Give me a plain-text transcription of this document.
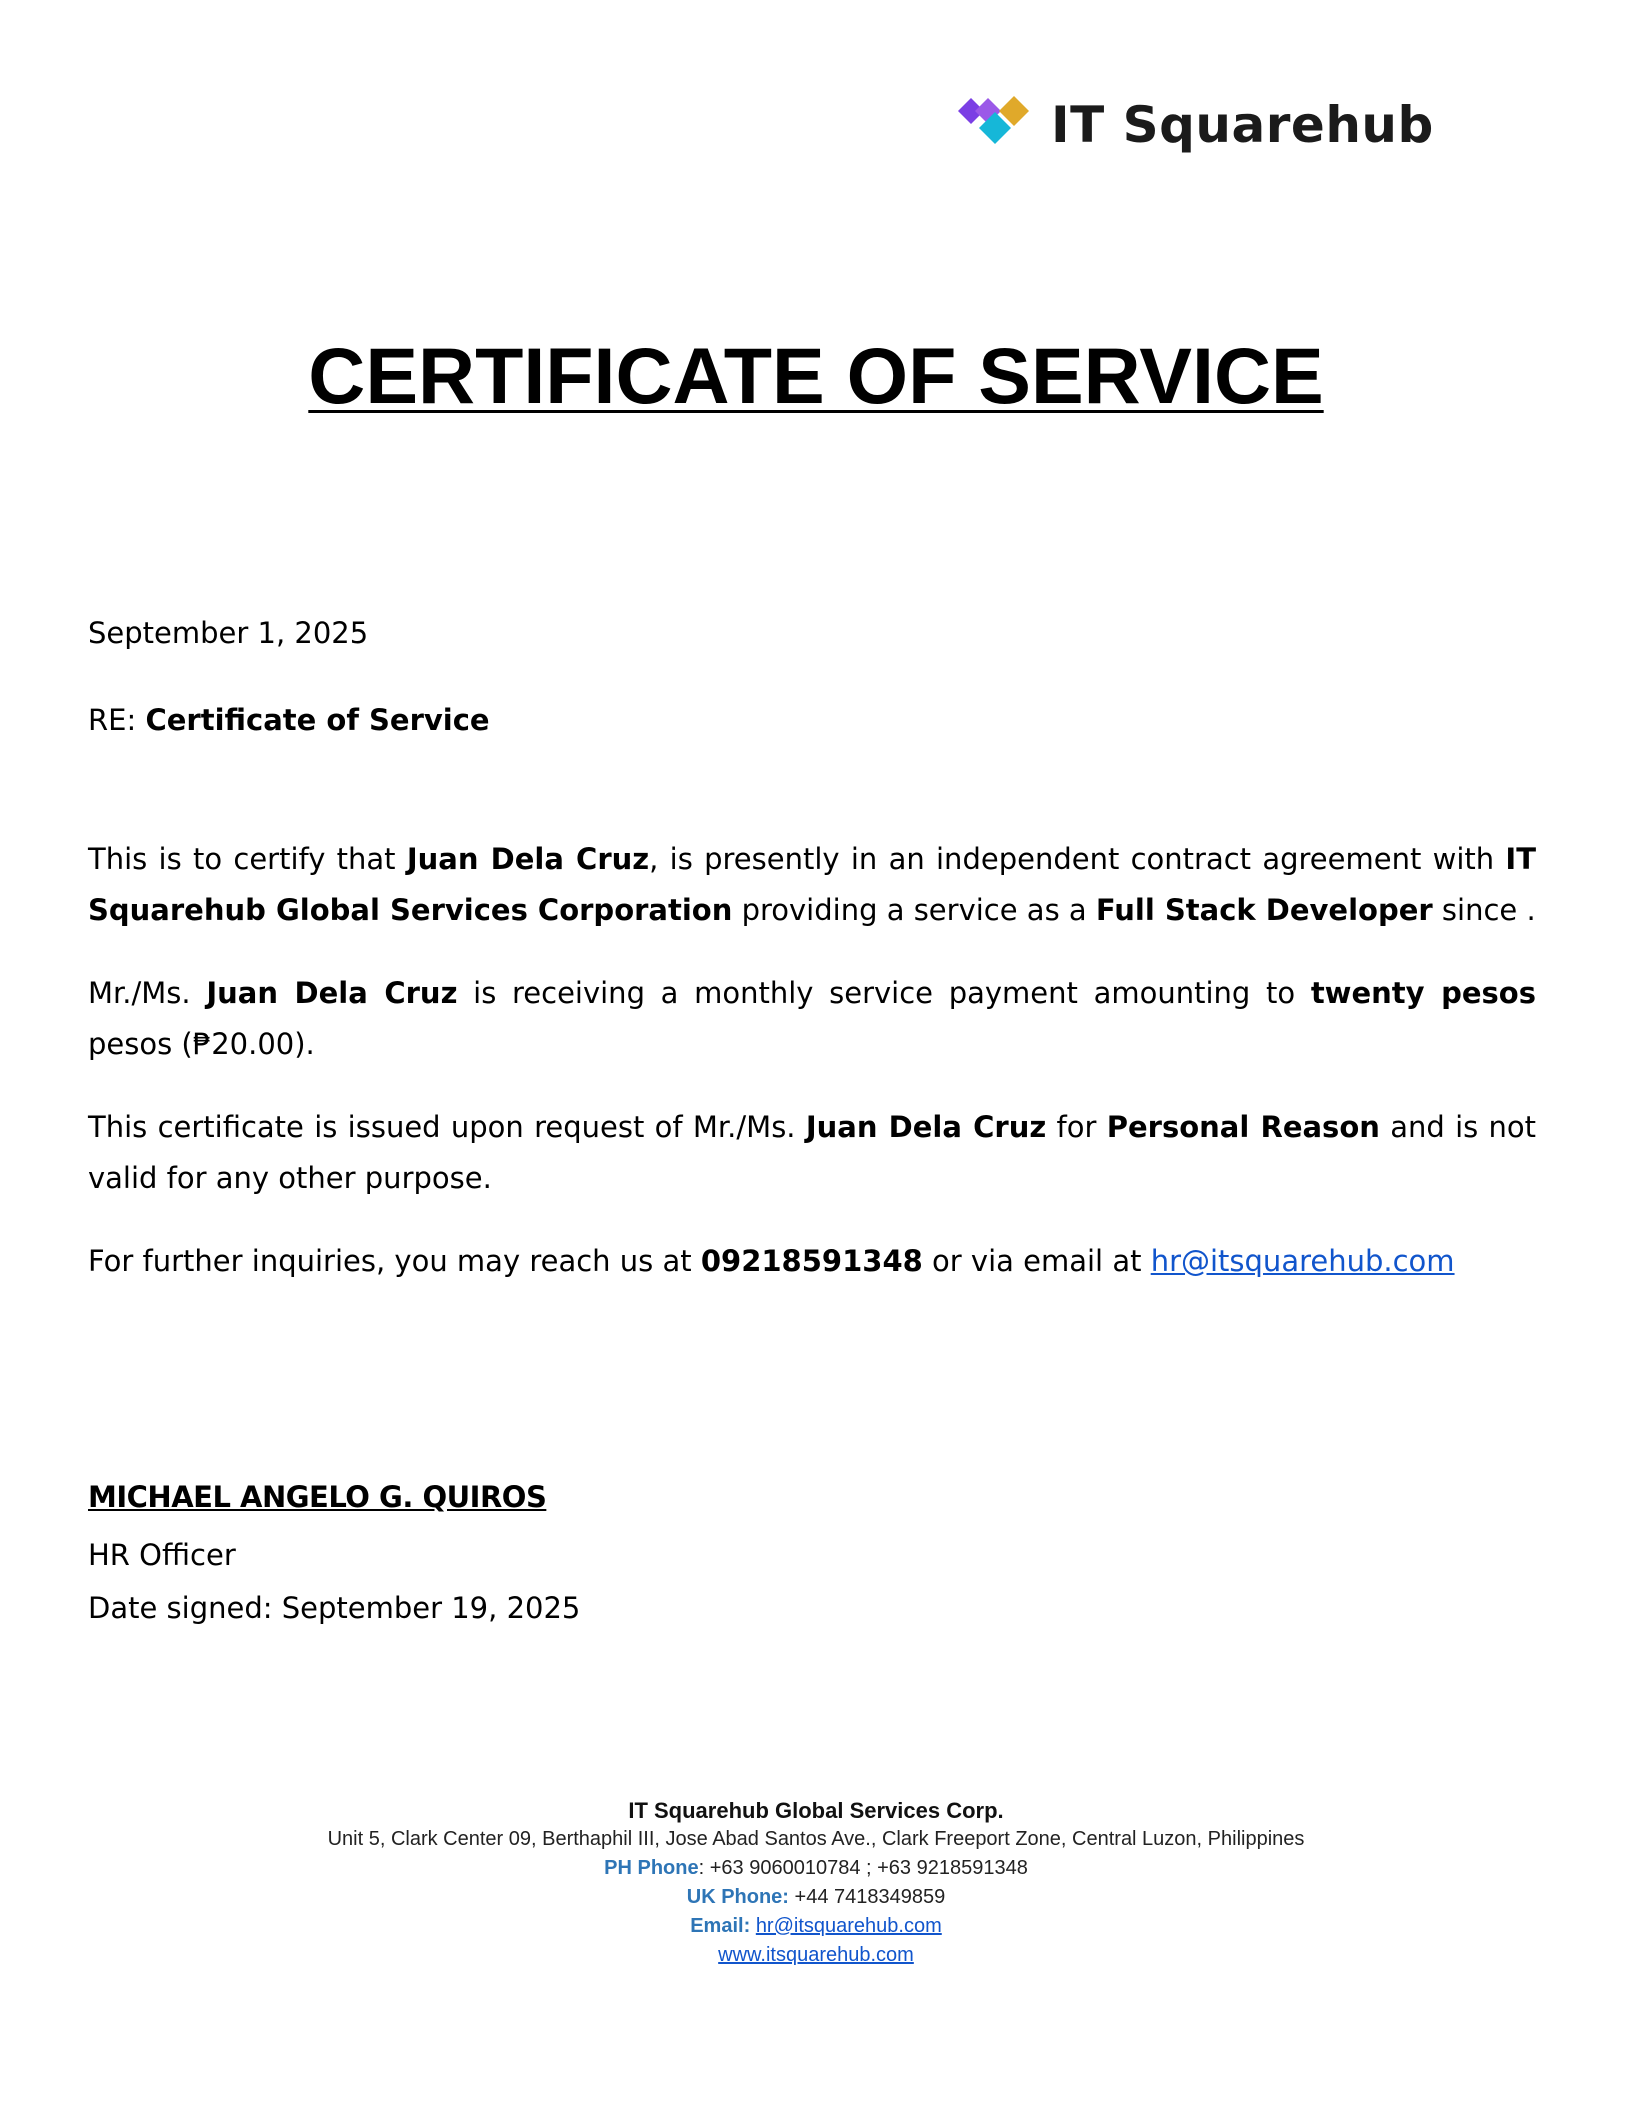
IT Squarehub
CERTIFICATE OF SERVICE
September 1, 2025
RE: Certificate of Service
This is to certify that Juan Dela Cruz, is presently in an independent contract agreement with IT Squarehub Global Services Corporation providing a service as a Full Stack Developer since .
Mr./Ms. Juan Dela Cruz is receiving a monthly service payment amounting to twenty pesos pesos (₱20.00).
This certificate is issued upon request of Mr./Ms. Juan Dela Cruz for Personal Reason and is not valid for any other purpose.
For further inquiries, you may reach us at 09218591348 or via email at hr@itsquarehub.com
MICHAEL ANGELO G. QUIROS
HR Officer
Date signed: September 19, 2025
IT Squarehub Global Services Corp.
Unit 5, Clark Center 09, Berthaphil III, Jose Abad Santos Ave., Clark Freeport Zone, Central Luzon, Philippines
PH Phone: +63 9060010784 ; +63 9218591348
UK Phone: +44 7418349859
Email: hr@itsquarehub.com
www.itsquarehub.com
